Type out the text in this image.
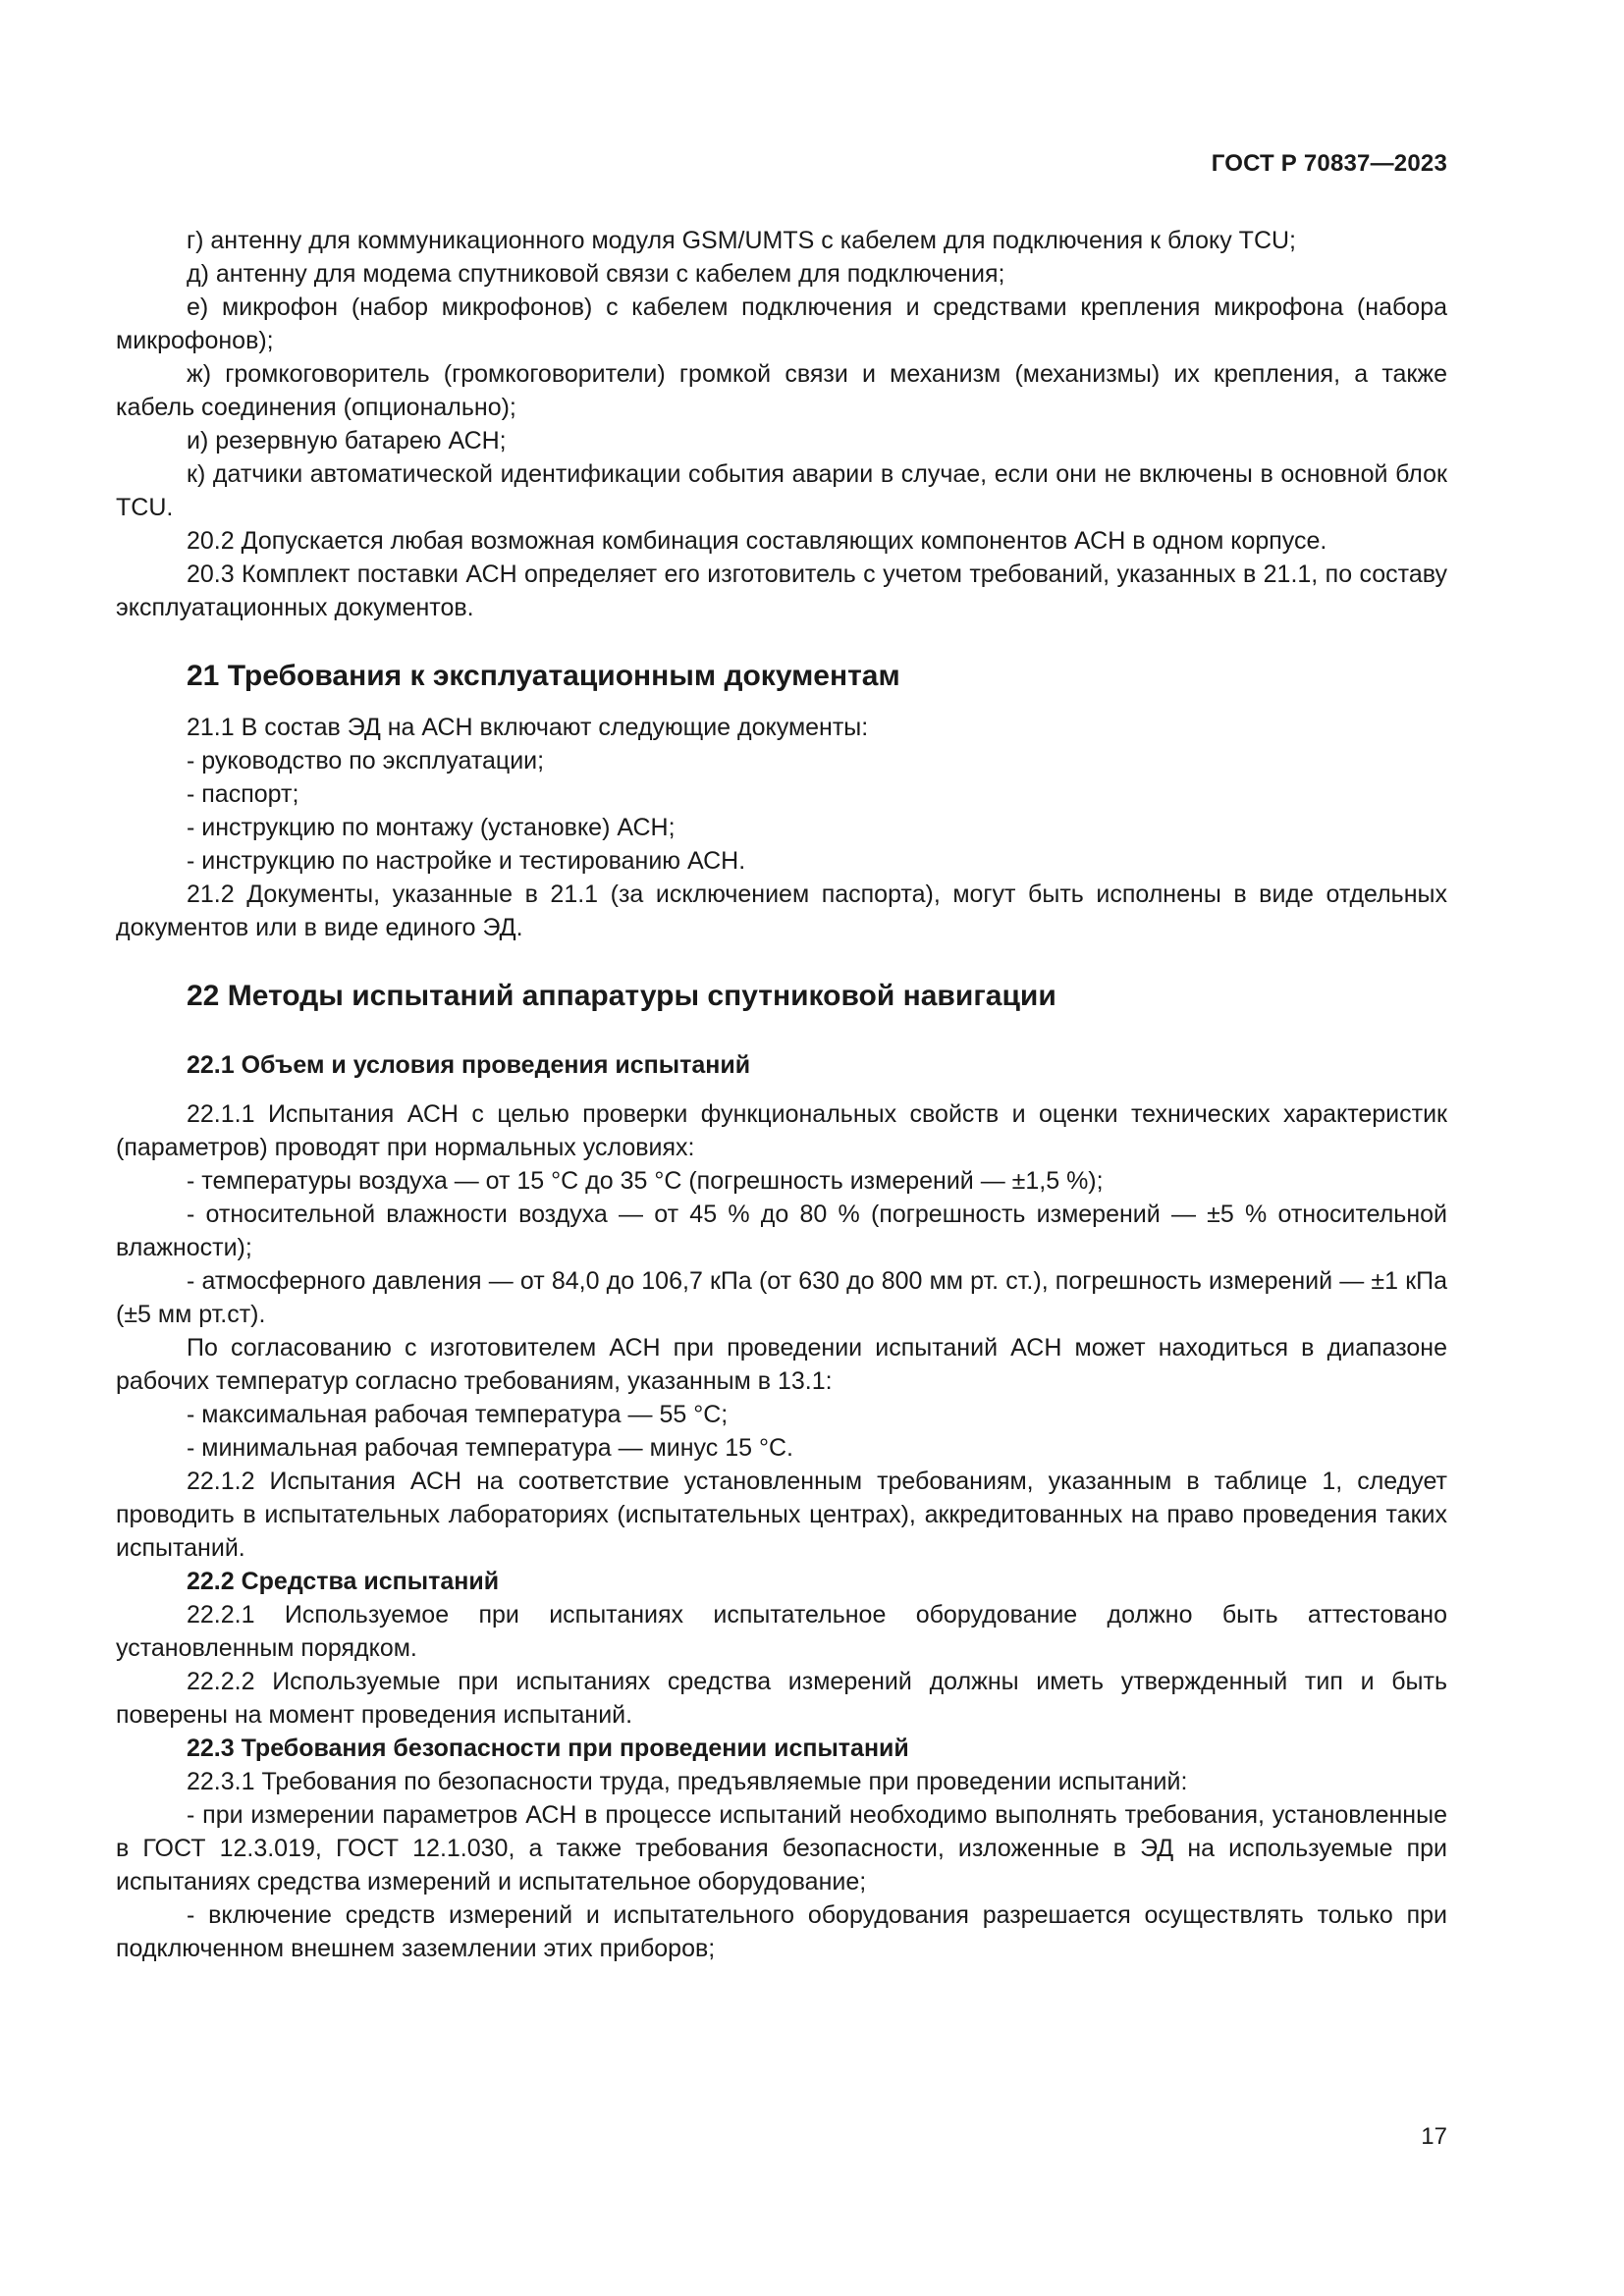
ГОСТ Р 70837—2023

г) антенну для коммуникационного модуля GSM/UMTS с кабелем для подключения к блоку TCU;

д) антенну для модема спутниковой связи с кабелем для подключения;

е) микрофон (набор микрофонов) с кабелем подключения и средствами крепления микрофона (набора микрофонов);

ж) громкоговоритель (громкоговорители) громкой связи и механизм (механизмы) их крепления, а также кабель соединения (опционально);

и) резервную батарею АСН;

к) датчики автоматической идентификации события аварии в случае, если они не включены в основной блок TCU.

20.2 Допускается любая возможная комбинация составляющих компонентов АСН в одном корпусе.

20.3 Комплект поставки АСН определяет его изготовитель с учетом требований, указанных в 21.1, по составу эксплуатационных документов.

21 Требования к эксплуатационным документам

21.1 В состав ЭД на АСН включают следующие документы:

- руководство по эксплуатации;

- паспорт;

- инструкцию по монтажу (установке) АСН;

- инструкцию по настройке и тестированию АСН.

21.2 Документы, указанные в 21.1 (за исключением паспорта), могут быть исполнены в виде отдельных документов или в виде единого ЭД.

22 Методы испытаний аппаратуры спутниковой навигации
22.1 Объем и условия проведения испытаний

22.1.1 Испытания АСН с целью проверки функциональных свойств и оценки технических характеристик (параметров) проводят при нормальных условиях:

- температуры воздуха — от 15 °С до 35 °С (погрешность измерений — ±1,5 %);

- относительной влажности воздуха — от 45 % до 80 % (погрешность измерений — ±5 % относительной влажности);

- атмосферного давления — от 84,0 до 106,7 кПа (от 630 до 800 мм рт. ст.), погрешность измерений — ±1 кПа (±5 мм рт.ст).

По согласованию с изготовителем АСН при проведении испытаний АСН может находиться в диапазоне рабочих температур согласно требованиям, указанным в 13.1:

- максимальная рабочая температура — 55 °С;

- минимальная рабочая температура — минус 15 °С.

22.1.2 Испытания АСН на соответствие установленным требованиям, указанным в таблице 1, следует проводить в испытательных лабораториях (испытательных центрах), аккредитованных на право проведения таких испытаний.

22.2 Средства испытаний

22.2.1 Используемое при испытаниях испытательное оборудование должно быть аттестовано установленным порядком.

22.2.2 Используемые при испытаниях средства измерений должны иметь утвержденный тип и быть поверены на момент проведения испытаний.

22.3 Требования безопасности при проведении испытаний

22.3.1 Требования по безопасности труда, предъявляемые при проведении испытаний:

- при измерении параметров АСН в процессе испытаний необходимо выполнять требования, установленные в ГОСТ 12.3.019, ГОСТ 12.1.030, а также требования безопасности, изложенные в ЭД на используемые при испытаниях средства измерений и испытательное оборудование;

- включение средств измерений и испытательного оборудования разрешается осуществлять только при подключенном внешнем заземлении этих приборов;

17
